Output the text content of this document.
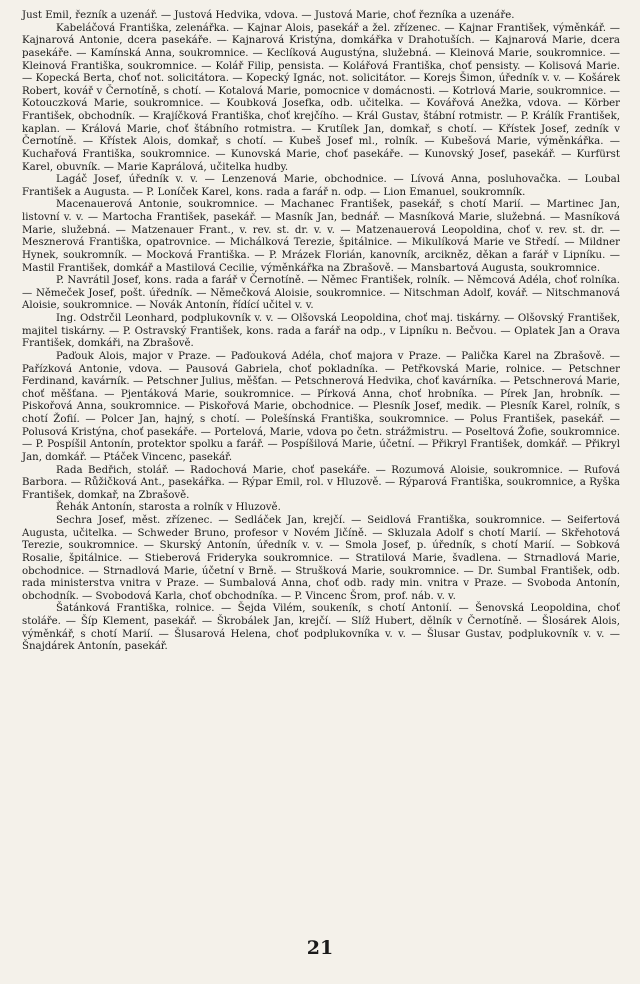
Just Emil, řezník a uzenář. — Justová Hedvika, vdova. — Justová Marie, choť řezníka a uzenáře.

Kabeláčová Františka, zelenářka. — Kajnar Alois, pasekář a žel. zřízenec. — Kajnar František, výměnkář. — Kajnarová Antonie, dcera pasekáře. — Kajnarová Kristýna, domkářka v Drahotuších. — Kajnarová Marie, dcera pasekáře. — Kamínská Anna, soukromnice. — Keclíková Augustýna, služebná. — Kleinová Marie, soukromnice. — Kleinová Františka, soukromnice. — Kolář Filip, pensista. — Kolářová Františka, choť pensisty. — Kolisová Marie. — Kopecká Berta, choť not. solicitátora. — Kopecký Ignác, not. solicitátor. — Korejs Šimon, úředník v. v. — Košárek Robert, kovář v Černotíně, s chotí. — Kotalová Marie, pomocnice v domácnosti. — Kotrlová Marie, soukromnice. — Kotouczková Marie, soukromnice. — Koubková Josefka, odb. učitelka. — Kovářová Anežka, vdova. — Körber František, obchodník. — Krajíčková Františka, choť krejčího. — Král Gustav, štábní rotmistr. — P. Králík František, kaplan. — Králová Marie, choť štábního rotmistra. — Krutílek Jan, domkař, s chotí. — Křístek Josef, zedník v Černotíně. — Křístek Alois, domkař, s chotí. — Kubeš Josef ml., rolník. — Kubešová Marie, výměnkářka. — Kuchařová Františka, soukromnice. — Kunovská Marie, choť pasekáře. — Kunovský Josef, pasekář. — Kurfürst Karel, obuvník. — Marie Kaprálová, učitelka hudby.

Lagáč Josef, úředník v. v. — Lenzenová Marie, obchodnice. — Lívová Anna, posluhovačka. — Loubal František a Augusta. — P. Loníček Karel, kons. rada a farář n. odp. — Lion Emanuel, soukromník.

Macenauerová Antonie, soukromnice. — Machanec František, pasekář, s chotí Marií. — Martinec Jan, listovní v. v. — Martocha František, pasekář. — Masník Jan, bednář. — Masníková Marie, služebná. — Masníková Marie, služebná. — Matzenauer Frant., v. rev. st. dr. v. v. — Matzenauerová Leopoldina, choť v. rev. st. dr. — Mesznerová Františka, opatrovnice. — Michálková Terezie, špitálnice. — Mikulíková Marie ve Středí. — Mildner Hynek, soukromník. — Mocková Františka. — P. Mrázek Florián, kanovník, arcikněz, děkan a farář v Lipníku. — Mastil František, domkář a Mastilová Cecilie, výměnkářka na Zbrašově. — Mansbartová Augusta, soukromnice.

P. Navrátil Josef, kons. rada a farář v Černotíně. — Němec František, rolník. — Němcová Adéla, choť rolníka. — Němeček Josef, pošt. úředník. — Němečková Aloisie, soukromnice. — Nitschman Adolf, kovář. — Nitschmanová Aloisie, soukromnice. — Novák Antonín, řídící učitel v. v.

Ing. Odstrčil Leonhard, podplukovník v. v. — Olšovská Leopoldina, choť maj. tiskárny. — Olšovský František, majitel tiskárny. — P. Ostravský František, kons. rada a farář na odp., v Lipníku n. Bečvou. — Oplatek Jan a Orava František, domkáři, na Zbrašově.

Paďouk Alois, major v Praze. — Paďouková Adéla, choť majora v Praze. — Palička Karel na Zbrašově. — Pařízková Antonie, vdova. — Pausová Gabriela, choť pokladníka. — Petřkovská Marie, rolnice. — Petschner Ferdinand, kavárník. — Petschner Julius, měšťan. — Petschnerová Hedvika, choť kavárníka. — Petschnerová Marie, choť měšťana. — Pjentáková Marie, soukromnice. — Pírková Anna, choť hrobníka. — Pírek Jan, hrobník. — Piskořová Anna, soukromnice. — Piskořová Marie, obchodnice. — Plesník Josef, medik. — Plesník Karel, rolník, s chotí Žofií. — Polcer Jan, hajný, s chotí. — Polešínská Františka, soukromnice. — Polus František, pasekář. — Polusová Kristýna, choť pasekáře. — Portelová, Marie, vdova po četn. strážmistru. — Poseltová Žofie, soukromnice. — P. Pospíšil Antonín, protektor spolku a farář. — Pospíšilová Marie, účetní. — Přikryl František, domkář. — Přikryl Jan, domkář. — Ptáček Vincenc, pasekář.

Rada Bedřich, stolář. — Radochová Marie, choť pasekáře. — Rozumová Aloisie, soukromnice. — Rufová Barbora. — Růžičková Ant., pasekářka. — Rýpar Emil, rol. v Hluzově. — Rýparová Františka, soukromnice, a Ryška František, domkař, na Zbrašově.

Řehák Antonín, starosta a rolník v Hluzově.

Sechra Josef, měst. zřízenec. — Sedláček Jan, krejčí. — Seidlová Františka, soukromnice. — Seifertová Augusta, učitelka. — Schweder Bruno, profesor v Novém Jičíně. — Skluzala Adolf s chotí Marií. — Skřehotová Terezie, soukromnice. — Skurský Antonín, úředník v. v. — Smola Josef, p. úředník, s chotí Marií. — Sobková Rosalie, špitálnice. — Stieberová Frideryka soukromnice. — Stratilová Marie, švadlena. — Strnadlová Marie, obchodnice. — Strnadlová Marie, účetní v Brně. — Strušková Marie, soukromnice. — Dr. Sumbal František, odb. rada ministerstva vnitra v Praze. — Sumbalová Anna, choť odb. rady min. vnitra v Praze. — Svoboda Antonín, obchodník. — Svobodová Karla, choť obchodníka. — P. Vincenc Šrom, prof. náb. v. v.

Šatánková Františka, rolnice. — Šejda Vilém, soukeník, s chotí Antonií. — Šenovská Leopoldina, choť stoláře. — Šíp Klement, pasekář. — Škrobálek Jan, krejčí. — Slíž Hubert, dělník v Černotíně. — Šlosárek Alois, výměnkář, s chotí Marií. — Šlusarová Helena, choť podplukovníka v. v. — Šlusar Gustav, podplukovník v. v. — Šnajdárek Antonín, pasekář.

21
